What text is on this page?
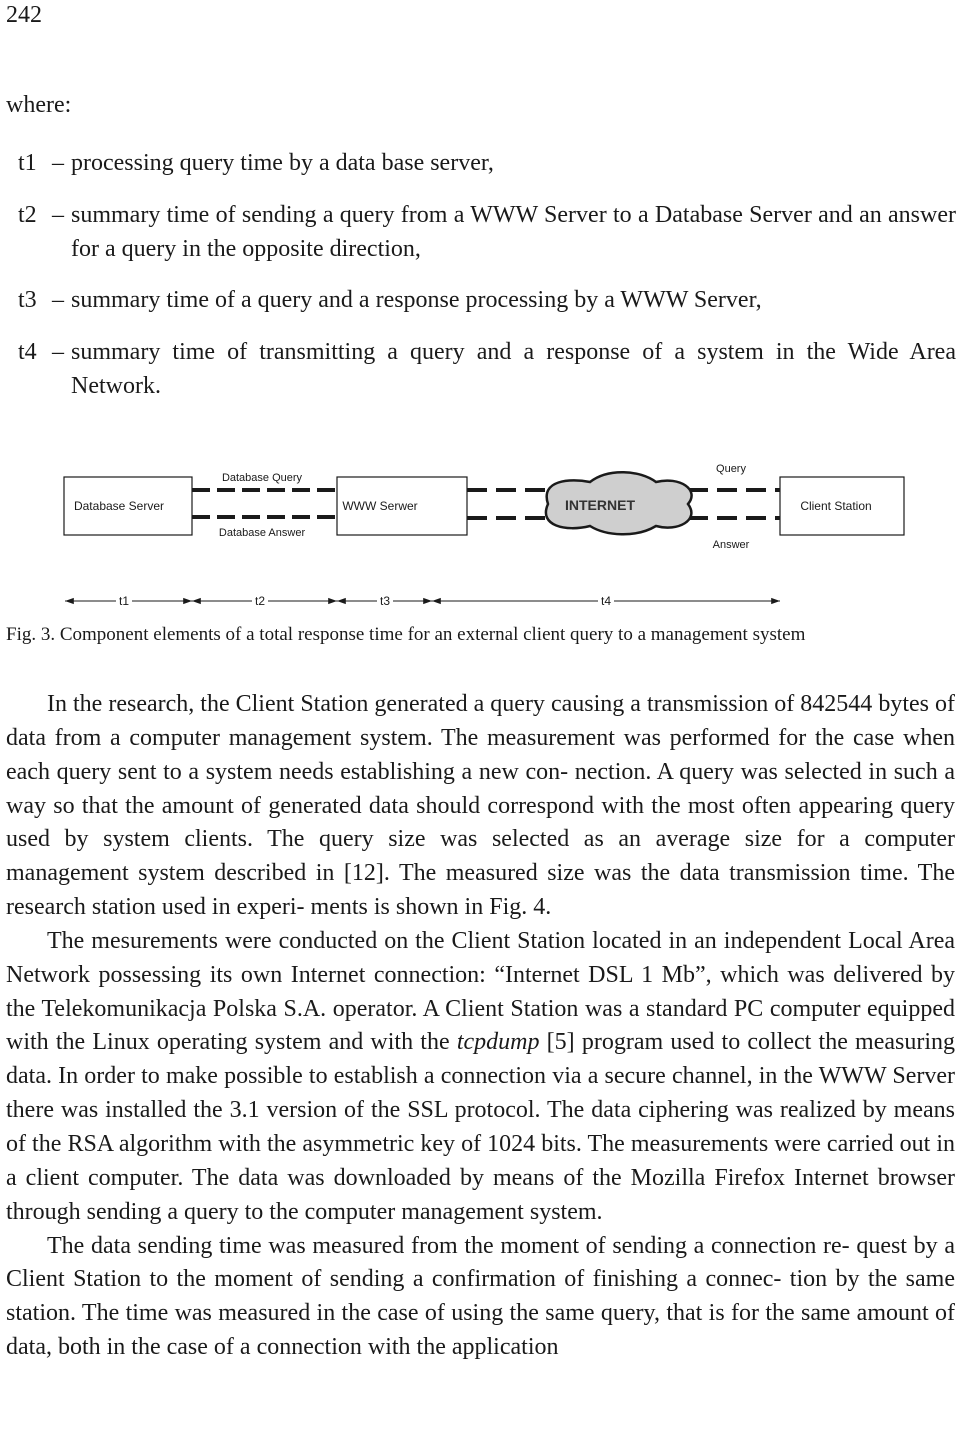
242
where:
t1 – processing query time by a data base server,
t2 – summary time of sending a query from a WWW Server to a Database Server and an answer for a query in the opposite direction,
t3 – summary time of a query and a response processing by a WWW Server,
t4 – summary time of transmitting a query and a response of a system in the Wide Area Network.
Database Server	WWW Serwer	Client Station
Database Query
Database Answer
INTERNET
Query
Answer
t1	t2	t3	t4
Fig. 3. Component elements of a total response time for an external client query to a management system

In the research, the Client Station generated a query causing a transmission of 842544 bytes of data from a computer management system. The measurement was performed for the case when each query sent to a system needs establishing a new con- nection. A query was selected in such a way so that the amount of generated data should correspond with the most often appearing query used by system clients. The query size was selected as an average size for a computer management system described in [12]. The measured size was the data transmission time. The research station used in experi- ments is shown in Fig. 4.

The mesurements were conducted on the Client Station located in an independent Local Area Network possessing its own Internet connection: “Internet DSL 1 Mb”, which was delivered by the Telekomunikacja Polska S.A. operator. A Client Station was a standard PC computer equipped with the Linux operating system and with the tcpdump [5] program used to collect the measuring data. In order to make possible to establish a connection via a secure channel, in the WWW Server there was installed the 3.1 version of the SSL protocol. The data ciphering was realized by means of the RSA algorithm with the asymmetric key of 1024 bits. The measurements were carried out in a client computer. The data was downloaded by means of the Mozilla Firefox Internet browser through sending a query to the computer management system.

The data sending time was measured from the moment of sending a connection re- quest by a Client Station to the moment of sending a confirmation of finishing a connec- tion by the same station. The time was measured in the case of using the same query, that is for the same amount of data, both in the case of a connection with the application
